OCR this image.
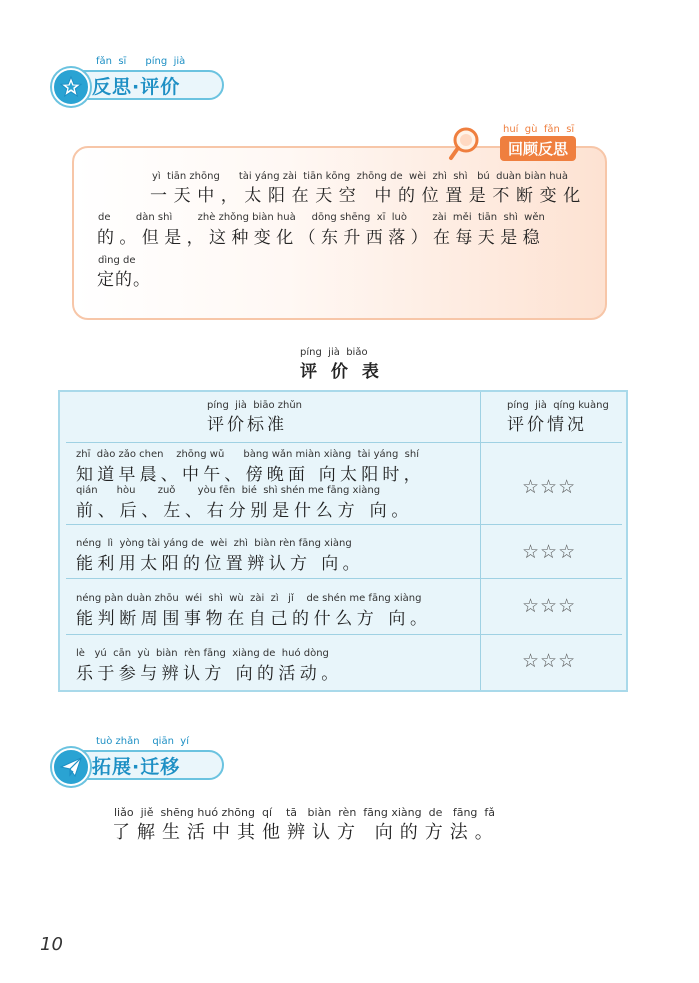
反思·评价
fǎn  sī      píng  jià
huí  gù  fǎn  sī
回顾反思
yì  tiān zhōng      tài yáng zài  tiān kōng  zhōng de  wèi  zhì  shì   bú  duàn biàn huà
一天中，太阳在天空 中的位置是不断变化
de        dàn shì        zhè zhǒng biàn huà     dōng shēng  xī  luò        zài  měi  tiān  shì  wěn
的。但是，这种变化（东升西落）在每天是稳
dìng de
定的。
píng  jià  biǎo
评 价 表
píng  jià  biāo zhǔn
评价标准
píng  jià  qíng kuàng
评价情况
zhī  dào zǎo chen    zhōng wǔ      bàng wǎn miàn xiàng  tài yáng  shí
知道早晨、中午、傍晚面 向太阳时，
qián      hòu       zuǒ       yòu fēn  bié  shì shén me fāng xiàng
前、后、左、右分别是什么方 向。
☆☆☆
néng  lì  yòng tài yáng de  wèi  zhì  biàn rèn fāng xiàng
能利用太阳的位置辨认方 向。
☆☆☆
néng pàn duàn zhōu  wéi  shì  wù  zài  zì   jǐ    de shén me fāng xiàng
能判断周围事物在自己的什么方 向。
☆☆☆
lè   yú  cān  yù  biàn  rèn fāng  xiàng de  huó dòng
乐于参与辨认方 向的活动。
☆☆☆
拓展·迁移
tuò zhǎn    qiān  yí
liǎo  jiě  shēng huó zhōng  qí    tā   biàn  rèn  fāng xiàng  de   fāng  fǎ
了解生活中其他辨认方 向的方法。
10
